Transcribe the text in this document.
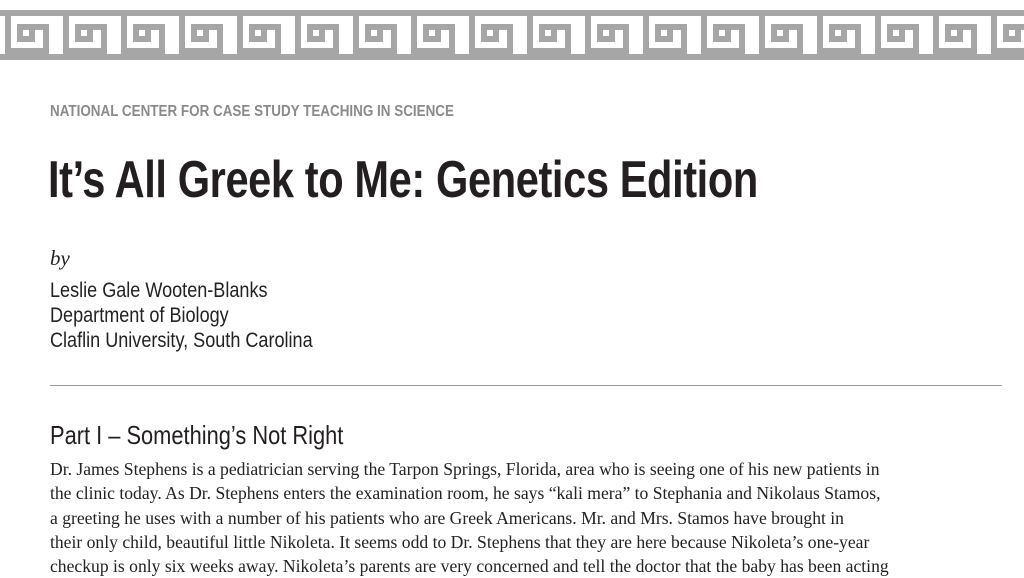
NATIONAL CENTER FOR CASE STUDY TEACHING IN SCIENCE
It’s All Greek to Me: Genetics Edition
by
Leslie Gale Wooten-Blanks
Department of Biology
Claflin University, South Carolina
Part I – Something’s Not Right
Dr. James Stephens is a pediatrician serving the Tarpon Springs, Florida, area who is seeing one of his new patients in
the clinic today. As Dr. Stephens enters the examination room, he says “kali mera” to Stephania and Nikolaus Stamos,
a greeting he uses with a number of his patients who are Greek Americans. Mr. and Mrs. Stamos have brought in
their only child, beautiful little Nikoleta. It seems odd to Dr. Stephens that they are here because Nikoleta’s one-year
checkup is only six weeks away. Nikoleta’s parents are very concerned and tell the doctor that the baby has been acting
